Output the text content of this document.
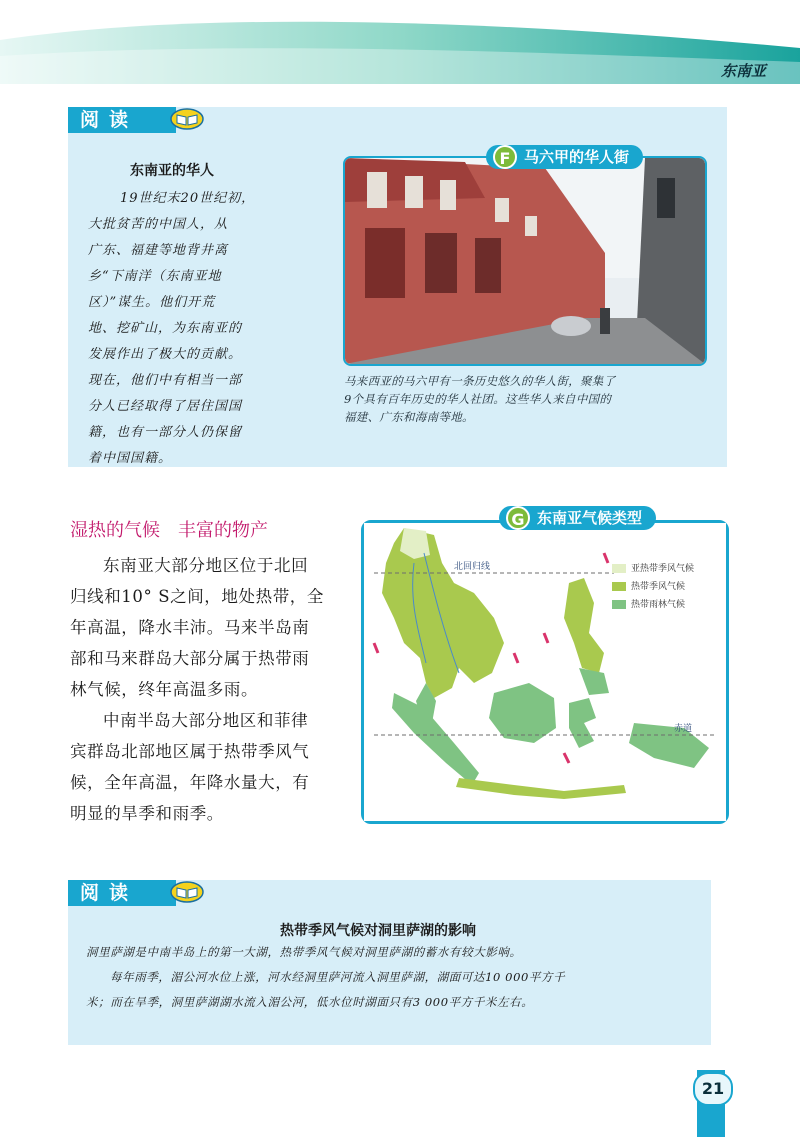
东南亚
阅读
东南亚的华人
19世纪末20世纪初，
大批贫苦的中国人，从
广东、福建等地背井离
乡“下南洋（东南亚地
区）”谋生。他们开荒
地、挖矿山，为东南亚的
发展作出了极大的贡献。
现在，他们中有相当一部
分人已经取得了居住国国
籍，也有一部分人仍保留
着中国国籍。
马六甲的华人街
F
马来西亚的马六甲有一条历史悠久的华人街，聚集了
9个具有百年历史的华人社团。这些华人来自中国的
福建、广东和海南等地。
湿热的气候　丰富的物产
东南亚大部分地区位于北回
归线和10° S之间，地处热带，全
年高温，降水丰沛。马来半岛南
部和马来群岛大部分属于热带雨
林气候，终年高温多雨。
中南半岛大部分地区和菲律
宾群岛北部地区属于热带季风气
候，全年高温，年降水量大，有
明显的旱季和雨季。
北回归线
赤道
亚热带季风气候
热带季风气候
热带雨林气候
东南亚气候类型
G
阅读
热带季风气候对洞里萨湖的影响
洞里萨湖是中南半岛上的第一大湖，热带季风气候对洞里萨湖的蓄水有较大影响。
每年雨季，湄公河水位上涨，河水经洞里萨河流入洞里萨湖，湖面可达10 000平方千
米；而在旱季，洞里萨湖湖水流入湄公河，低水位时湖面只有3 000平方千米左右。
21
